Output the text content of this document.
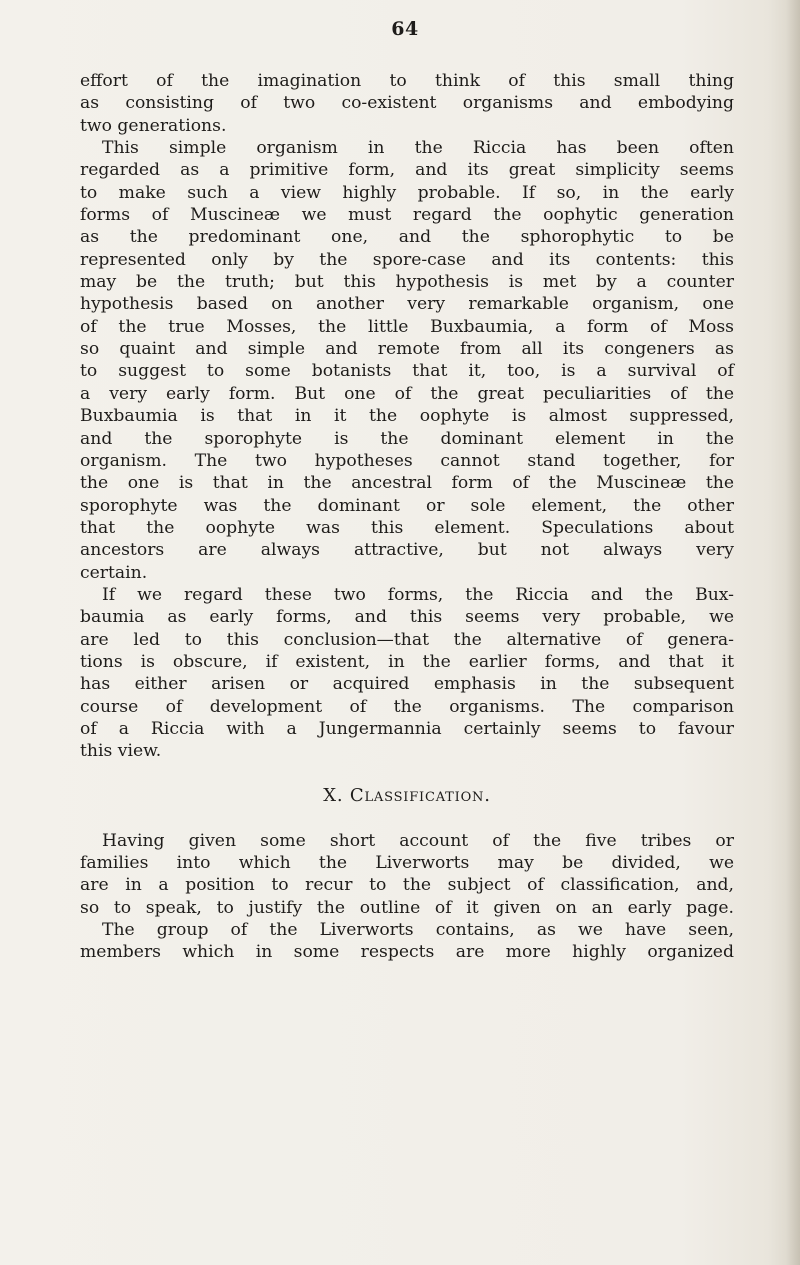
64
effort of the imagination to think of this small thing
as consisting of two co-existent organisms and embodying
two generations.
This simple organism in the Riccia has been often
regarded as a primitive form, and its great simplicity seems
to make such a view highly probable. If so, in the early
forms of Muscineæ we must regard the oophytic generation
as the predominant one, and the sphorophytic to be
represented only by the spore-case and its contents: this
may be the truth; but this hypothesis is met by a counter
hypothesis based on another very remarkable organism, one
of the true Mosses, the little Buxbaumia, a form of Moss
so quaint and simple and remote from all its congeners as
to suggest to some botanists that it, too, is a survival of
a very early form. But one of the great peculiarities of the
Buxbaumia is that in it the oophyte is almost suppressed,
and the sporophyte is the dominant element in the
organism. The two hypotheses cannot stand together, for
the one is that in the ancestral form of the Muscineæ the
sporophyte was the dominant or sole element, the other
that the oophyte was this element. Speculations about
ancestors are always attractive, but not always very
certain.
If we regard these two forms, the Riccia and the Bux-
baumia as early forms, and this seems very probable, we
are led to this conclusion—that the alternative of genera-
tions is obscure, if existent, in the earlier forms, and that it
has either arisen or acquired emphasis in the subsequent
course of development of the organisms. The comparison
of a Riccia with a Jungermannia certainly seems to favour
this view.
X. Classification.
Having given some short account of the five tribes or
families into which the Liverworts may be divided, we
are in a position to recur to the subject of classification, and,
so to speak, to justify the outline of it given on an early page.
The group of the Liverworts contains, as we have seen,
members which in some respects are more highly organized
